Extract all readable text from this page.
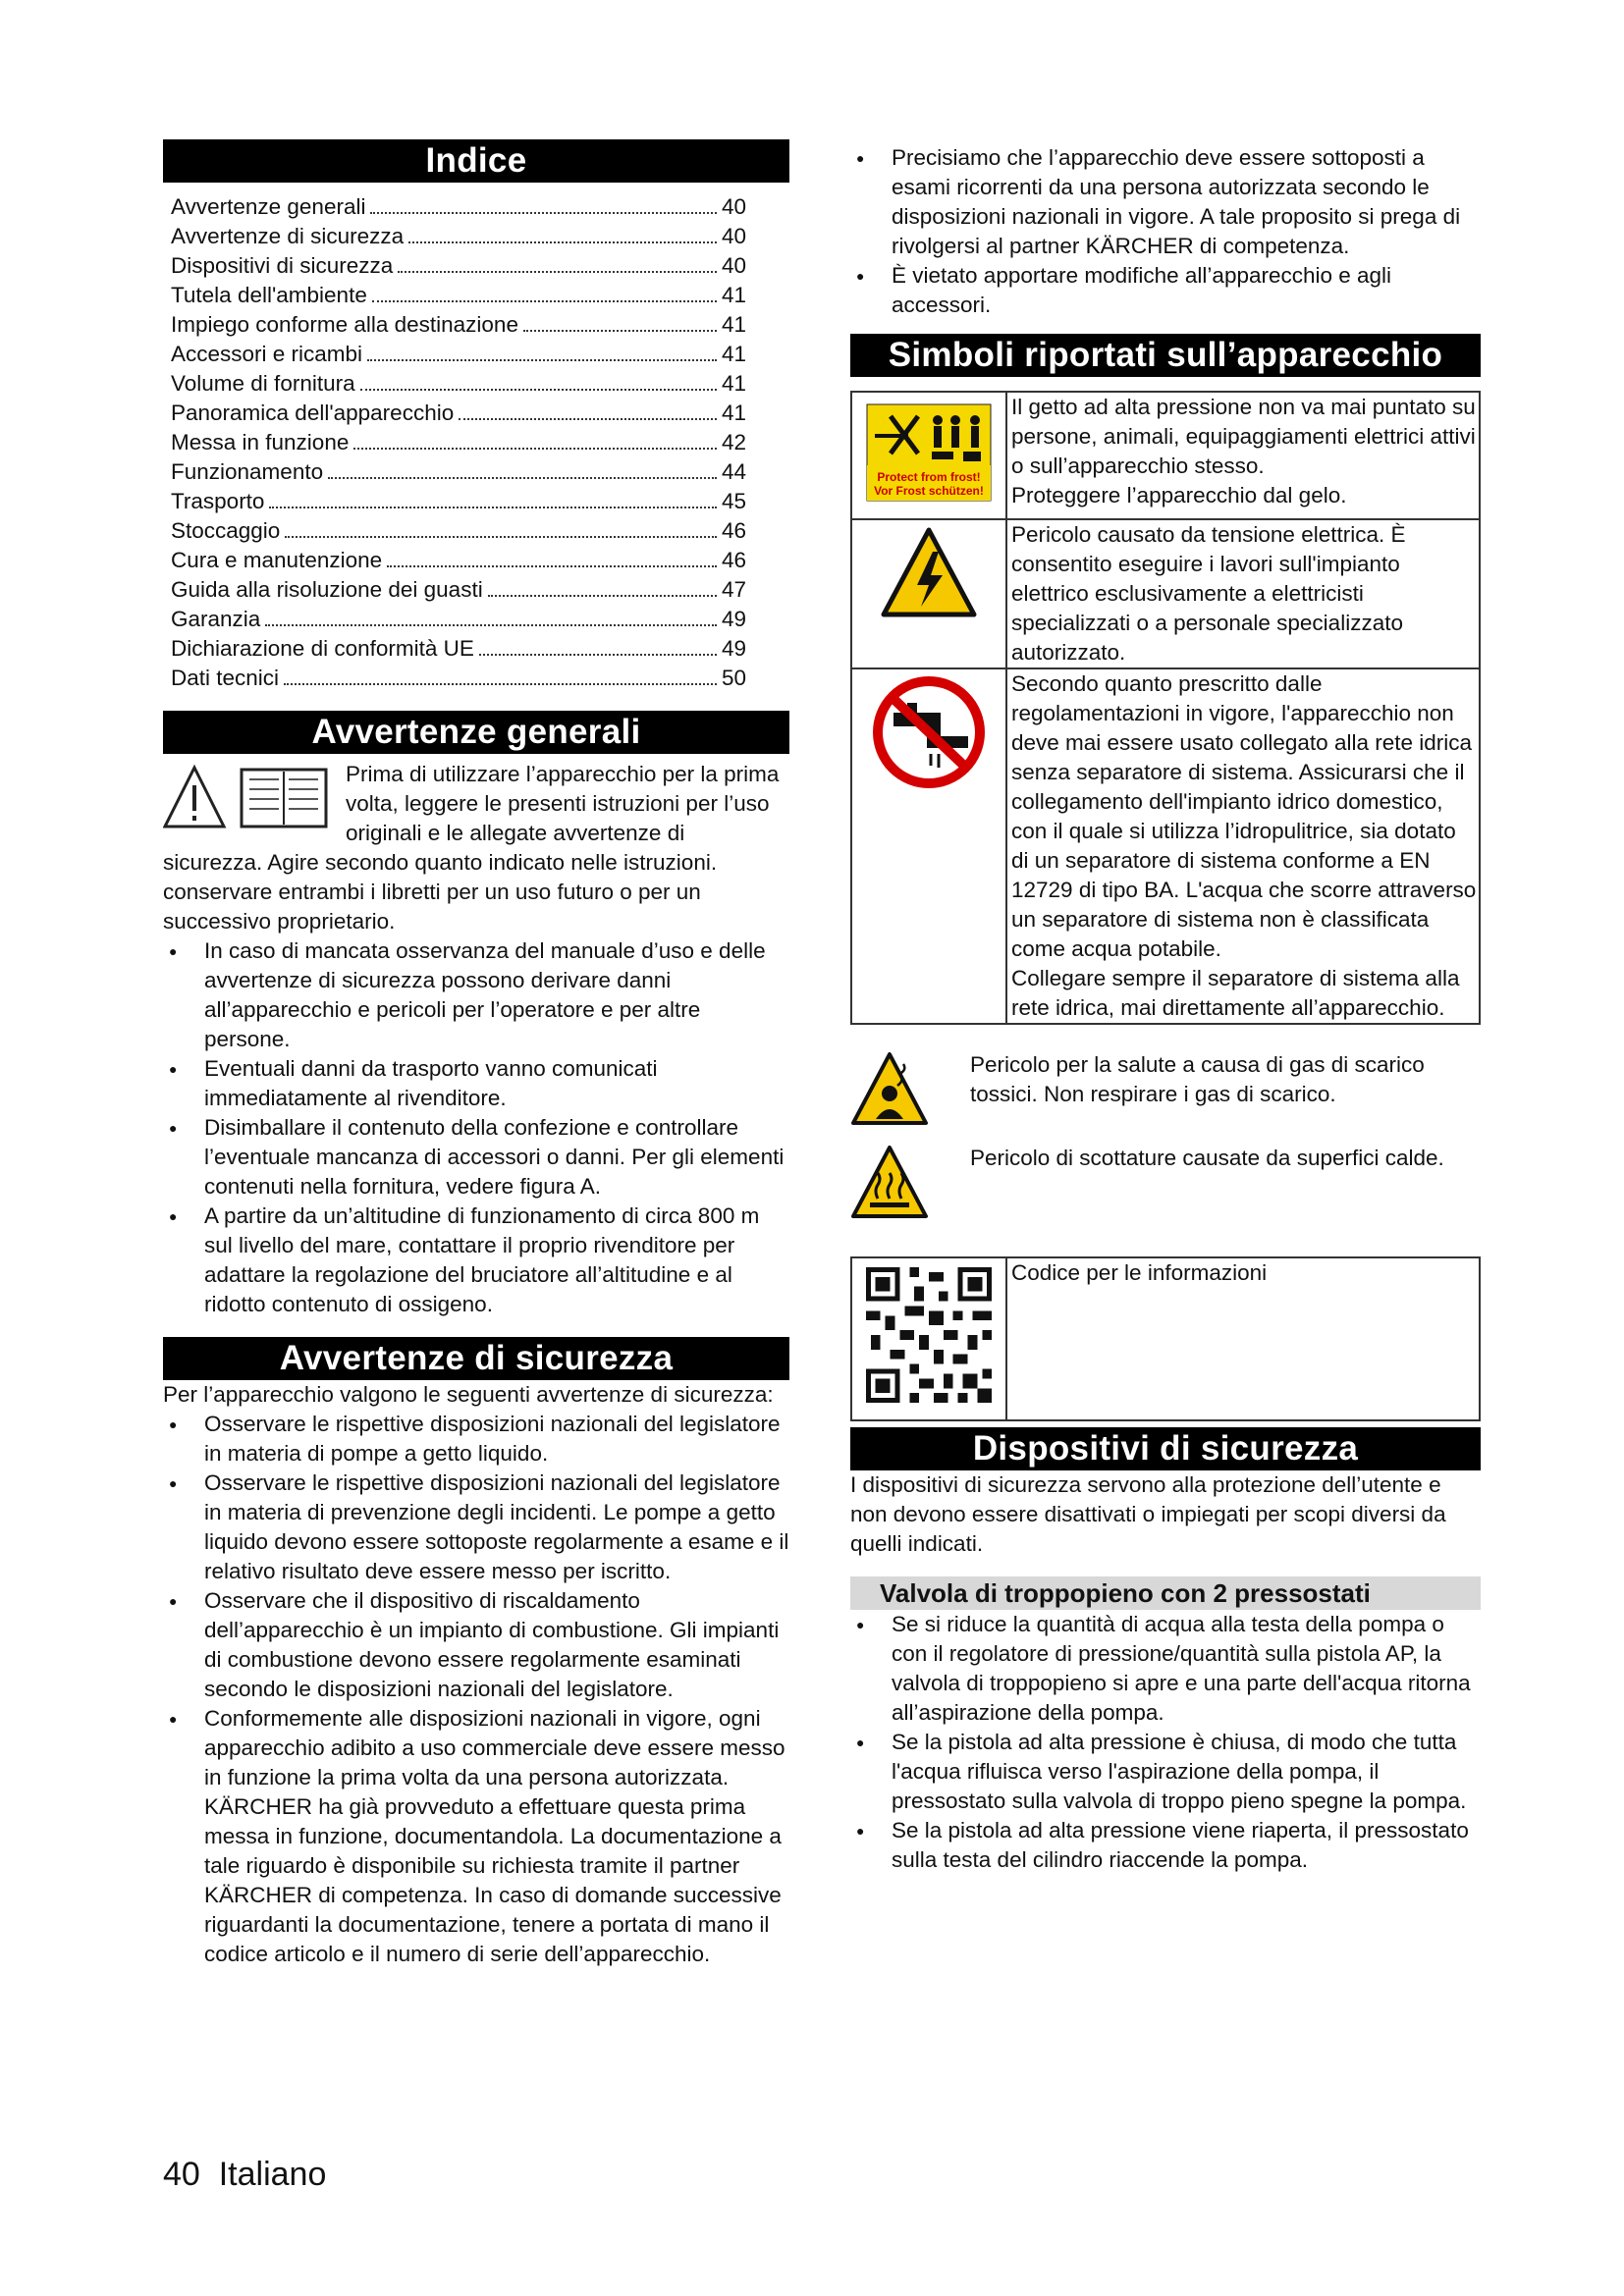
Indice
Avvertenze generali	40
Avvertenze di sicurezza	40
Dispositivi di sicurezza	40
Tutela dell'ambiente	41
Impiego conforme alla destinazione	41
Accessori e ricambi	41
Volume di fornitura	41
Panoramica dell'apparecchio	41
Messa in funzione	42
Funzionamento	44
Trasporto	45
Stoccaggio	46
Cura e manutenzione	46
Guida alla risoluzione dei guasti	47
Garanzia	49
Dichiarazione di conformità UE	49
Dati tecnici	50
Avvertenze generali

Prima di utilizzare l’apparecchio per la prima volta, leggere le presenti istruzioni per l’uso originali e le allegate avvertenze di sicurezza. Agire secondo quanto indicato nelle istruzioni.

conservare entrambi i libretti per un uso futuro o per un successivo proprietario.

● In caso di mancata osservanza del manuale d’uso e delle avvertenze di sicurezza possono derivare danni all’apparecchio e pericoli per l’operatore e per altre persone.
● Eventuali danni da trasporto vanno comunicati immediatamente al rivenditore.
● Disimballare il contenuto della confezione e controllare l’eventuale mancanza di accessori o danni. Per gli elementi contenuti nella fornitura, vedere figura A.
● A partire da un’altitudine di funzionamento di circa 800 m sul livello del mare, contattare il proprio rivenditore per adattare la regolazione del bruciatore all’altitudine e al ridotto contenuto di ossigeno.
Avvertenze di sicurezza

Per l’apparecchio valgono le seguenti avvertenze di sicurezza:

● Osservare le rispettive disposizioni nazionali del legislatore in materia di pompe a getto liquido.
● Osservare le rispettive disposizioni nazionali del legislatore in materia di prevenzione degli incidenti. Le pompe a getto liquido devono essere sottoposte regolarmente a esame e il relativo risultato deve essere messo per iscritto.
● Osservare che il dispositivo di riscaldamento dell’apparecchio è un impianto di combustione. Gli impianti di combustione devono essere regolarmente esaminati secondo le disposizioni nazionali del legislatore.
● Conformemente alle disposizioni nazionali in vigore, ogni apparecchio adibito a uso commerciale deve essere messo in funzione la prima volta da una persona autorizzata. KÄRCHER ha già provveduto a effettuare questa prima messa in funzione, documentandola. La documentazione a tale riguardo è disponibile su richiesta tramite il partner KÄRCHER di competenza. In caso di domande successive riguardanti la documentazione, tenere a portata di mano il codice articolo e il numero di serie dell’apparecchio.
● Precisiamo che l’apparecchio deve essere sottoposti a esami ricorrenti da una persona autorizzata secondo le disposizioni nazionali in vigore. A tale proposito si prega di rivolgersi al partner KÄRCHER di competenza.
● È vietato apportare modifiche all’apparecchio e agli accessori.
Simboli riportati sull’apparecchio
Protect from frost!
Vor Frost schützen!	Il getto ad alta pressione non va mai puntato su persone, animali, equipaggiamenti elettrici attivi o sull’apparecchio stesso.
Proteggere l’apparecchio dal gelo.
	Pericolo causato da tensione elettrica. È consentito eseguire i lavori sull'impianto elettrico esclusivamente a elettricisti specializzati o a personale specializzato autorizzato.
	Secondo quanto prescritto dalle regolamentazioni in vigore, l'apparecchio non deve mai essere usato collegato alla rete idrica senza separatore di sistema. Assicurarsi che il collegamento dell'impianto idrico domestico, con il quale si utilizza l’idropulitrice, sia dotato di un separatore di sistema conforme a EN 12729 di tipo BA. L'acqua che scorre attraverso un separatore di sistema non è classificata come acqua potabile.
Collegare sempre il separatore di sistema alla rete idrica, mai direttamente all’apparecchio.

Pericolo per la salute a causa di gas di scarico tossici. Non respirare i gas di scarico.

Pericolo di scottature causate da superfici calde.

	Codice per le informazioni
Dispositivi di sicurezza

I dispositivi di sicurezza servono alla protezione dell’utente e non devono essere disattivati o impiegati per scopi diversi da quelli indicati.

Valvola di troppopieno con 2 pressostati
● Se si riduce la quantità di acqua alla testa della pompa o con il regolatore di pressione/quantità sulla pistola AP, la valvola di troppopieno si apre e una parte dell'acqua ritorna all’aspirazione della pompa.
● Se la pistola ad alta pressione è chiusa, di modo che tutta l'acqua rifluisca verso l'aspirazione della pompa, il pressostato sulla valvola di troppo pieno spegne la pompa.
● Se la pistola ad alta pressione viene riaperta, il pressostato sulla testa del cilindro riaccende la pompa.
40 Italiano
